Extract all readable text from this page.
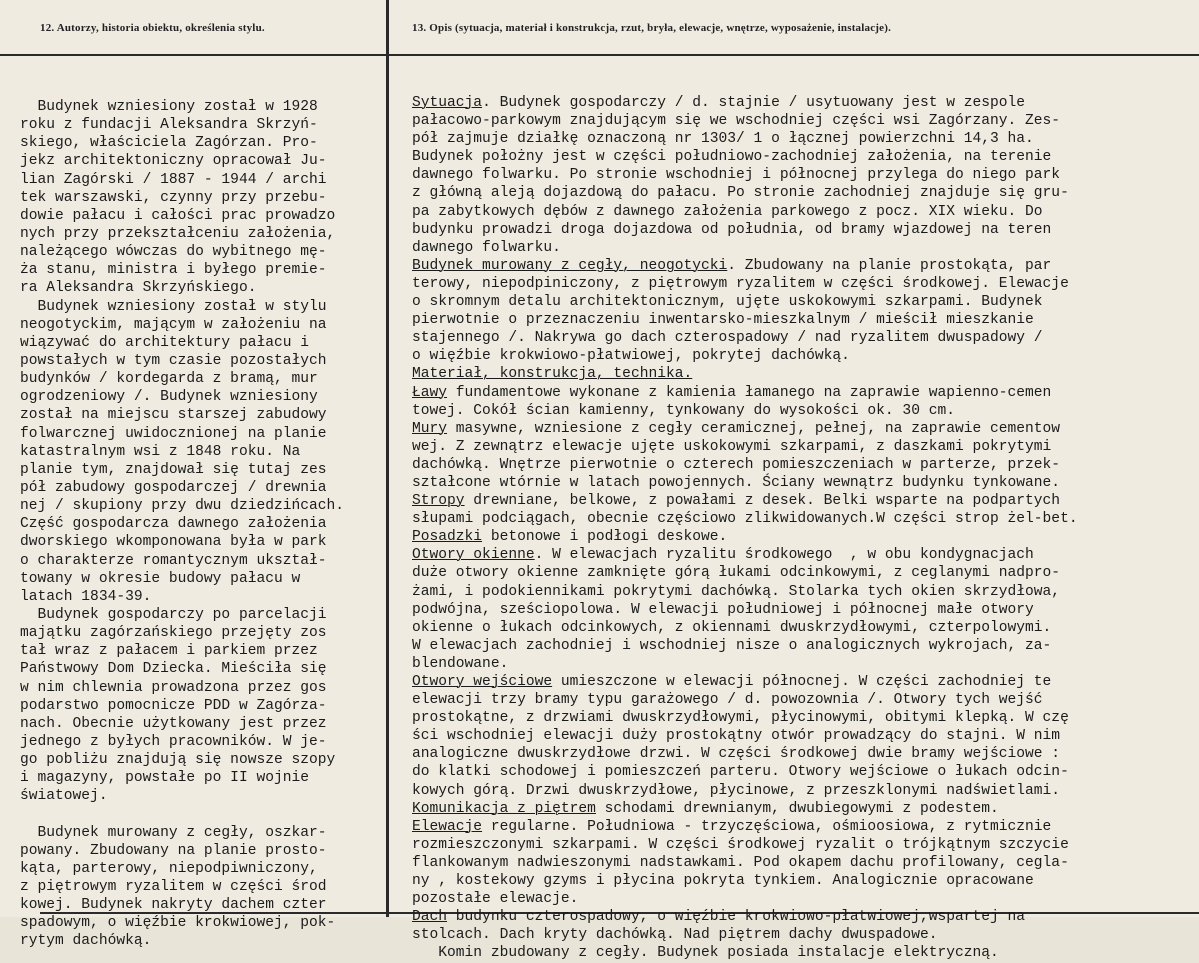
12. Autorzy, historia obiektu, określenia stylu.	13. Opis (sytuacja, materiał i konstrukcja, rzut, bryła, elewacje, wnętrze, wyposażenie, instalacje).
Budynek wzniesiony został w 1928
roku z fundacji Aleksandra Skrzyń-
skiego, właściciela Zagórzan. Pro-
jekz architektoniczny opracował Ju-
lian Zagórski / 1887 - 1944 / archi
tek warszawski, czynny przy przebu-
dowie pałacu i całości prac prowadzo
nych przy przekształceniu założenia,
należącego wówczas do wybitnego mę-
ża stanu, ministra i byłego premie-
ra Aleksandra Skrzyńskiego.
Budynek wzniesiony został w stylu
neogotyckim, mającym w założeniu na
wiązywać do architektury pałacu i
powstałych w tym czasie pozostałych
budynków / kordegarda z bramą, mur
ogrodzeniowy /. Budynek wzniesiony
został na miejscu starszej zabudowy
folwarcznej uwidocznionej na planie
katastralnym wsi z 1848 roku. Na
planie tym, znajdował się tutaj zes
pół zabudowy gospodarczej / drewnia
nej / skupiony przy dwu dziedzińcach.
Część gospodarcza dawnego założenia
dworskiego wkomponowana była w park
o charakterze romantycznym ukształ-
towany w okresie budowy pałacu w
latach 1834-39.
Budynek gospodarczy po parcelacji
majątku zagórzańskiego przejęty zos
tał wraz z pałacem i parkiem przez
Państwowy Dom Dziecka. Mieściła się
w nim chlewnia prowadzona przez gos
podarstwo pomocnicze PDD w Zagórza-
nach. Obecnie użytkowany jest przez
jednego z byłych pracowników. W je-
go pobliżu znajdują się nowsze szopy
i magazyny, powstałe po II wojnie
światowej.
Budynek murowany z cegły, oszkar-
powany. Zbudowany na planie prosto-
kąta, parterowy, niepodpiwniczony,
z piętrowym ryzalitem w części środ
kowej. Budynek nakryty dachem czter
spadowym, o więźbie krokwiowej, pok-
rytym dachówką.
Sytuacja. Budynek gospodarczy / d. stajnie / usytuowany jest w zespole
pałacowo-parkowym znajdującym się we wschodniej części wsi Zagórzany. Zes-
pół zajmuje działkę oznaczoną nr 1303/ 1 o łącznej powierzchni 14,3 ha.
Budynek położny jest w części południowo-zachodniej założenia, na terenie
dawnego folwarku. Po stronie wschodniej i północnej przylega do niego park
z główną aleją dojazdową do pałacu. Po stronie zachodniej znajduje się gru-
pa zabytkowych dębów z dawnego założenia parkowego z pocz. XIX wieku. Do
budynku prowadzi droga dojazdowa od południa, od bramy wjazdowej na teren
dawnego folwarku.
Budynek murowany z cegły, neogotycki. Zbudowany na planie prostokąta, par
terowy, niepodpiniczony, z piętrowym ryzalitem w części środkowej. Elewacje
o skromnym detalu architektonicznym, ujęte uskokowymi szkarpami. Budynek
pierwotnie o przeznaczeniu inwentarsko-mieszkalnym / mieścił mieszkanie
stajennego /. Nakrywa go dach czterospadowy / nad ryzalitem dwuspadowy /
o więźbie krokwiowo-płatwiowej, pokrytej dachówką.
Materiał, konstrukcja, technika.
Ławy fundamentowe wykonane z kamienia łamanego na zaprawie wapienno-cemen
towej. Cokół ścian kamienny, tynkowany do wysokości ok. 30 cm.
Mury masywne, wzniesione z cegły ceramicznej, pełnej, na zaprawie cementow
wej. Z zewnątrz elewacje ujęte uskokowymi szkarpami, z daszkami pokrytymi
dachówką. Wnętrze pierwotnie o czterech pomieszczeniach w parterze, przek-
ształcone wtórnie w latach powojennych. Ściany wewnątrz budynku tynkowane.
Stropy drewniane, belkowe, z powałami z desek. Belki wsparte na podpartych
słupami podciągach, obecnie częściowo zlikwidowanych.W części strop żel-bet.
Posadzki betonowe i podłogi deskowe.
Otwory okienne. W elewacjach ryzalitu środkowego  , w obu kondygnacjach
duże otwory okienne zamknięte górą łukami odcinkowymi, z ceglanymi nadpro-
żami, i podokiennikami pokrytymi dachówką. Stolarka tych okien skrzydłowa,
podwójna, sześciopolowa. W elewacji południowej i północnej małe otwory
okienne o łukach odcinkowych, z okiennami dwuskrzydłowymi, czterpolowymi.
W elewacjach zachodniej i wschodniej nisze o analogicznych wykrojach, za-
blendowane.
Otwory wejściowe umieszczone w elewacji północnej. W części zachodniej te
elewacji trzy bramy typu garażowego / d. powozownia /. Otwory tych wejść
prostokątne, z drzwiami dwuskrzydłowymi, płycinowymi, obitymi klepką. W czę
ści wschodniej elewacji duży prostokątny otwór prowadzący do stajni. W nim
analogiczne dwuskrzydłowe drzwi. W części środkowej dwie bramy wejściowe :
do klatki schodowej i pomieszczeń parteru. Otwory wejściowe o łukach odcin-
kowych górą. Drzwi dwuskrzydłowe, płycinowe, z przeszklonymi nadświetlami.
Komunikacja z piętrem schodami drewnianym, dwubiegowymi z podestem.
Elewacje regularne. Południowa - trzyczęściowa, ośmioosiowa, z rytmicznie
rozmieszczonymi szkarpami. W części środkowej ryzalit o trójkątnym szczycie
flankowanym nadwieszonymi nadstawkami. Pod okapem dachu profilowany, cegla-
ny , kostekowy gzyms i płycina pokryta tynkiem. Analogicznie opracowane
pozostałe elewacje.
Dach budynku czterospadowy, o więźbie krokwiowo-płatwiowej,wspartej na
stolcach. Dach kryty dachówką. Nad piętrem dachy dwuspadowe.
Komin zbudowany z cegły. Budynek posiada instalacje elektryczną.
